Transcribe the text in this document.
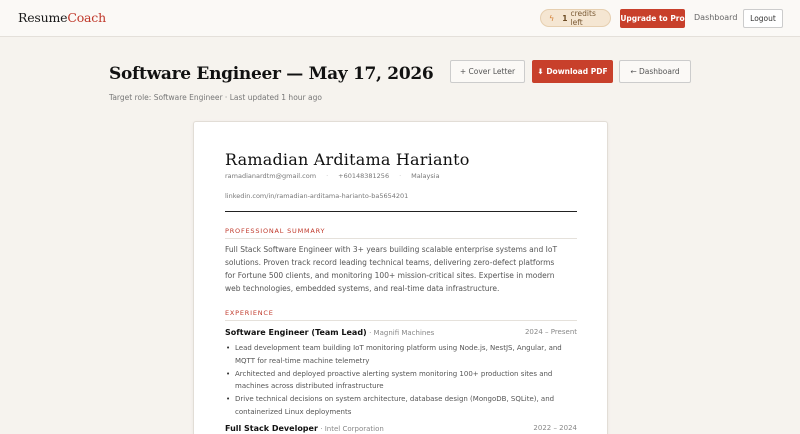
ResumeCoach	ϟ 1 credits left	Upgrade to Pro Dashboard	Logout
Software Engineer — May 17, 2026
Target role: Software Engineer · Last updated 1 hour ago
+ Cover Letter	⬇ Download PDF	← Dashboard
Ramadian Arditama Harianto
ramadianardtm@gmail.com · +60148381256 · Malaysia
linkedin.com/in/ramadian-arditama-harianto-ba5654201
PROFESSIONAL SUMMARY
Full Stack Software Engineer with 3+ years building scalable enterprise systems and IoT solutions. Proven track record leading technical teams, delivering zero-defect platforms for Fortune 500 clients, and monitoring 100+ mission-critical sites. Expertise in modern web technologies, embedded systems, and real-time data infrastructure.
EXPERIENCE
Software Engineer (Team Lead) · Magnifi Machines	2024 – Present
• Lead development team building IoT monitoring platform using Node.js, NestJS, Angular, and MQTT for real-time machine telemetry
• Architected and deployed proactive alerting system monitoring 100+ production sites and machines across distributed infrastructure
• Drive technical decisions on system architecture, database design (MongoDB, SQLite), and containerized Linux deployments
Full Stack Developer · Intel Corporation	2022 – 2024
